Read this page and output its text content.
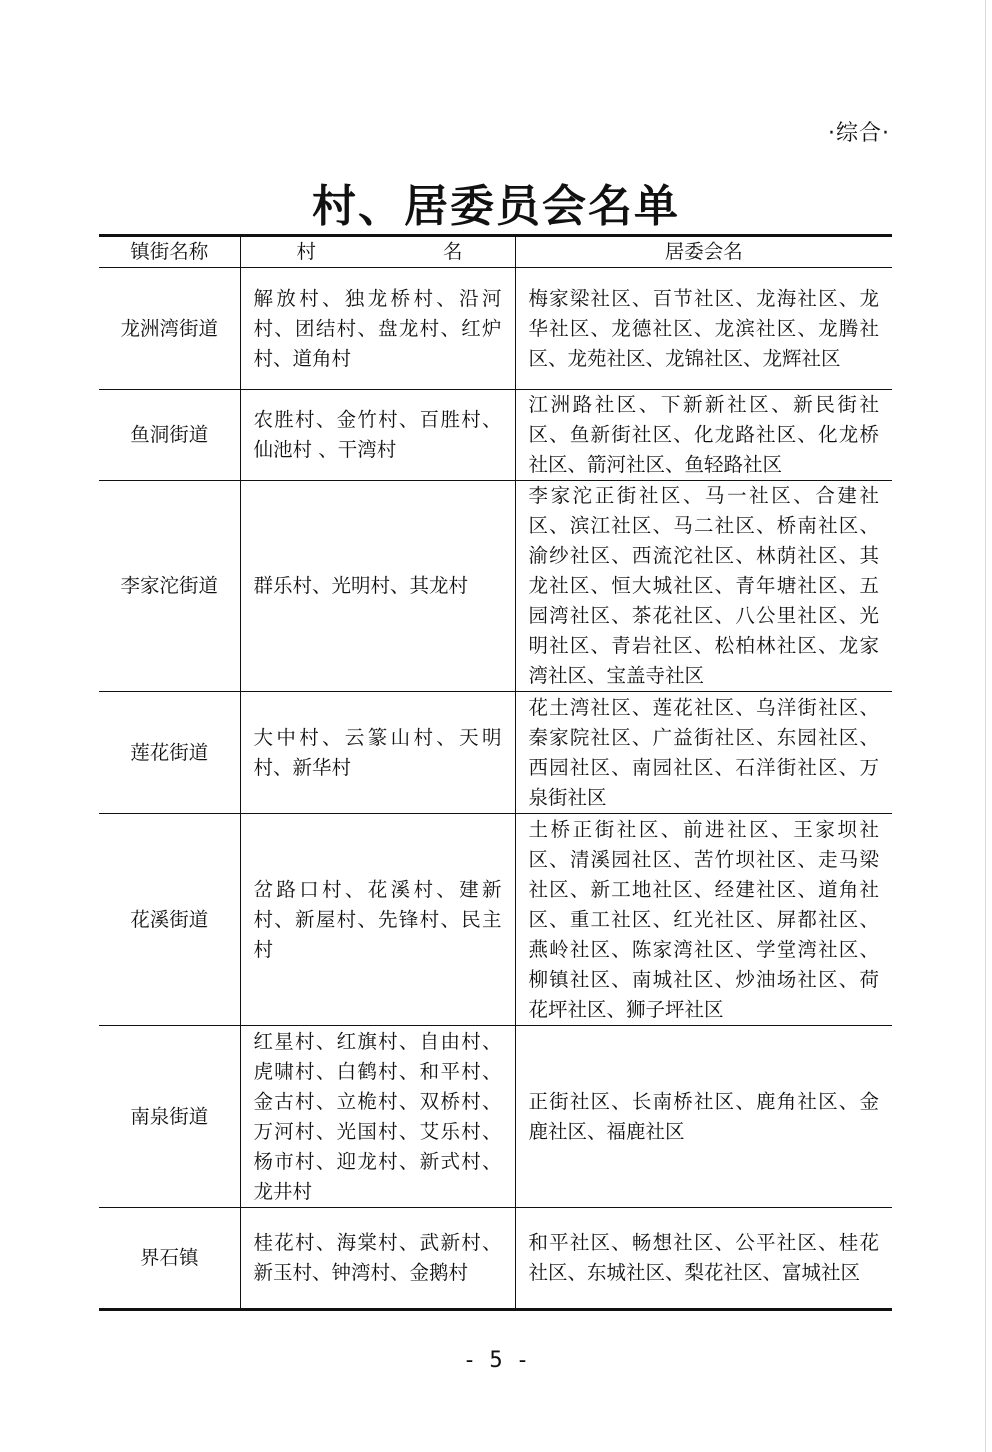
·综合·
村、居委员会名单
镇街名称	村 名	居委会名
龙洲湾街道	解放村、独龙桥村、沿河村、团结村、盘龙村、红炉村、道角村	梅家梁社区、百节社区、龙海社区、龙华社区、龙德社区、龙滨社区、龙腾社区、龙苑社区、龙锦社区、龙辉社区
鱼洞街道	农胜村、金竹村、百胜村、仙池村 、干湾村	江洲路社区、下新新社区、新民街社区、鱼新街社区、化龙路社区、化龙桥社区、箭河社区、鱼轻路社区
李家沱街道	群乐村、光明村、其龙村	李家沱正街社区、马一社区、合建社区、滨江社区、马二社区、桥南社区、渝纱社区、西流沱社区、林荫社区、其龙社区、恒大城社区、青年塘社区、五园湾社区、茶花社区、八公里社区、光明社区、青岩社区、松柏林社区、龙家湾社区、宝盖寺社区
莲花街道	大中村、云篆山村、天明村、新华村	花土湾社区、莲花社区、乌洋街社区、秦家院社区、广益街社区、东园社区、西园社区、南园社区、石洋街社区、万泉街社区
花溪街道	岔路口村、花溪村、建新村、新屋村、先锋村、民主村	土桥正街社区、前进社区、王家坝社区、清溪园社区、苦竹坝社区、走马梁社区、新工地社区、经建社区、道角社区、重工社区、红光社区、屏都社区、燕岭社区、陈家湾社区、学堂湾社区、柳镇社区、南城社区、炒油场社区、荷花坪社区、狮子坪社区
南泉街道	红星村、红旗村、自由村、虎啸村、白鹤村、和平村、金古村、立桅村、双桥村、万河村、光国村、艾乐村、杨市村、迎龙村、新式村、龙井村	正街社区、长南桥社区、鹿角社区、金鹿社区、福鹿社区
界石镇	桂花村、海棠村、武新村、新玉村、钟湾村、金鹅村	和平社区、畅想社区、公平社区、桂花社区、东城社区、梨花社区、富城社区
- 5 -
